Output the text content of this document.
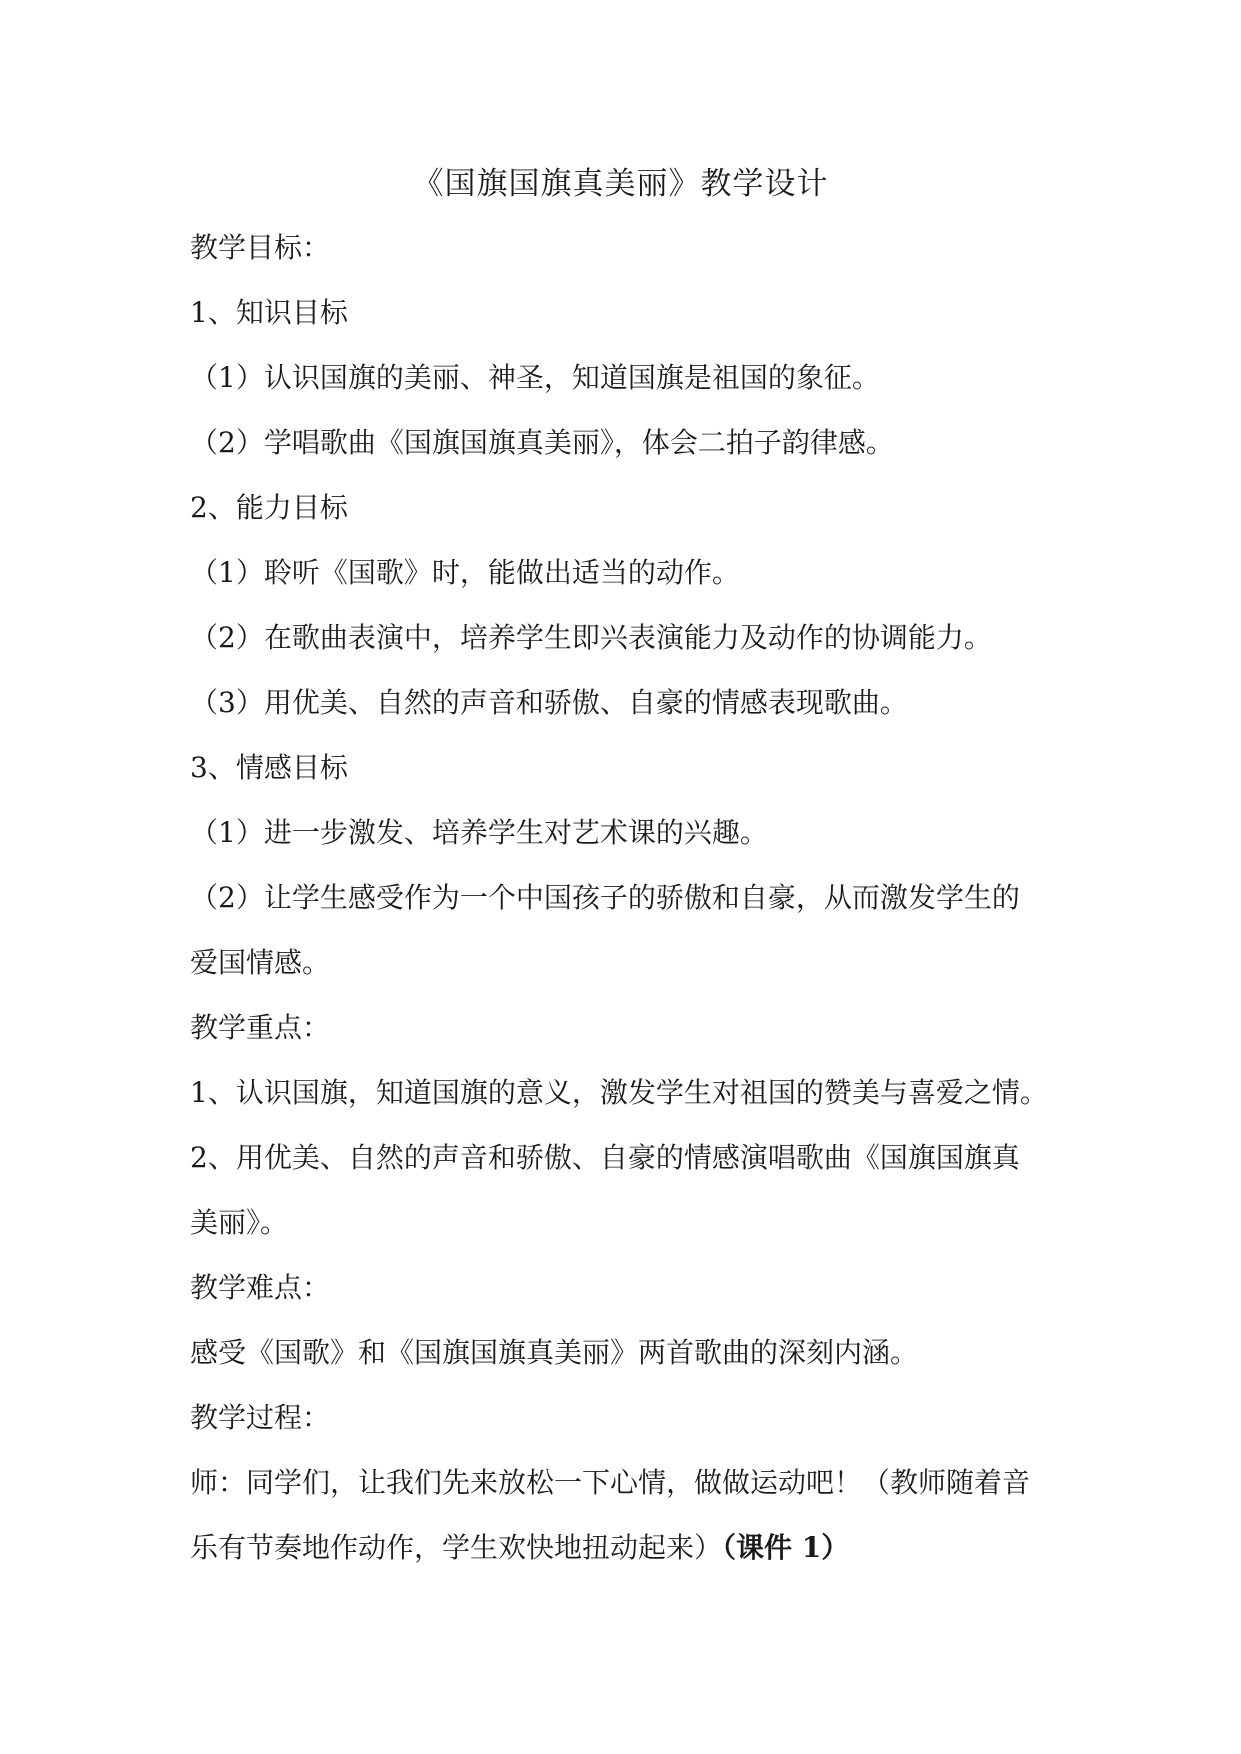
《国旗国旗真美丽》教学设计
教学目标：
1、知识目标
（1）认识国旗的美丽、神圣，知道国旗是祖国的象征。
（2）学唱歌曲《国旗国旗真美丽》，体会二拍子韵律感。
2、能力目标
（1）聆听《国歌》时，能做出适当的动作。
（2）在歌曲表演中，培养学生即兴表演能力及动作的协调能力。
（3）用优美、自然的声音和骄傲、自豪的情感表现歌曲。
3、情感目标
（1）进一步激发、培养学生对艺术课的兴趣。
（2）让学生感受作为一个中国孩子的骄傲和自豪，从而激发学生的
爱国情感。
教学重点：
1、认识国旗，知道国旗的意义，激发学生对祖国的赞美与喜爱之情。
2、用优美、自然的声音和骄傲、自豪的情感演唱歌曲《国旗国旗真
美丽》。
教学难点：
感受《国歌》和《国旗国旗真美丽》两首歌曲的深刻内涵。
教学过程：
师：同学们，让我们先来放松一下心情，做做运动吧！（教师随着音
乐有节奏地作动作，学生欢快地扭动起来）（课件 1）
